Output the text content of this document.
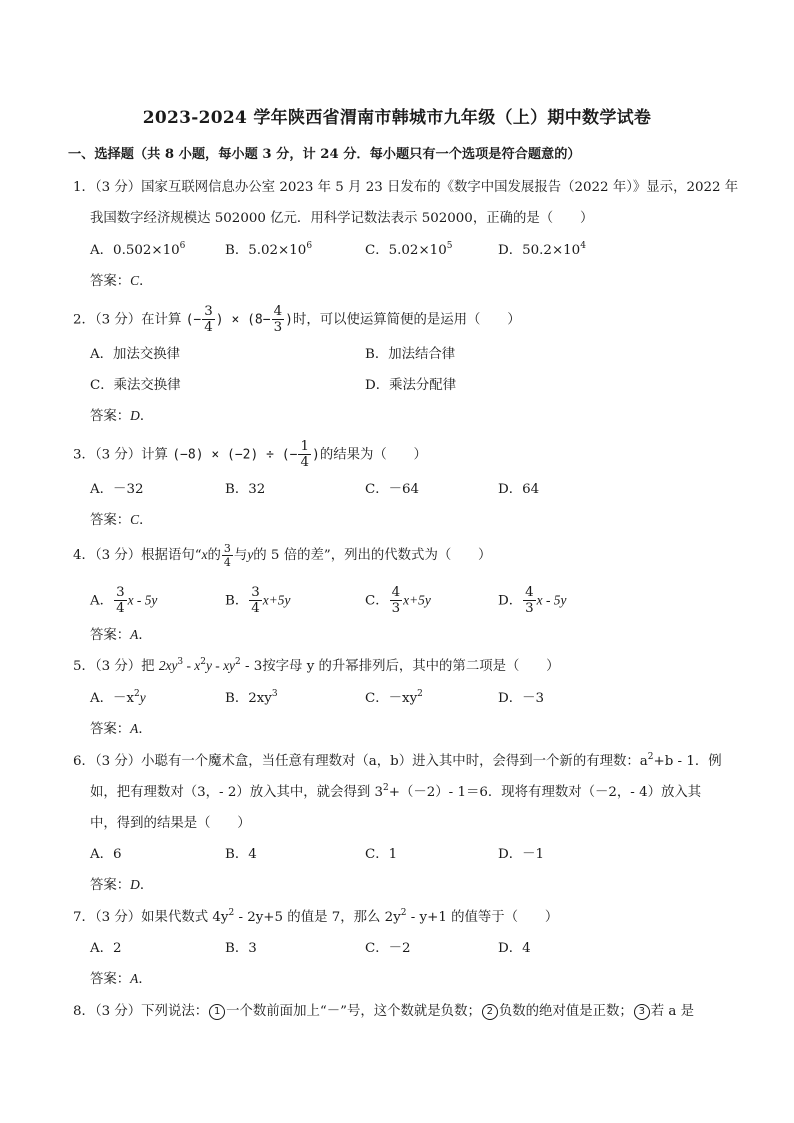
2023-2024 学年陕西省渭南市韩城市九年级（上）期中数学试卷
一、选择题（共 8 小题，每小题 3 分，计 24 分．每小题只有一个选项是符合题意的）
1．（3 分）国家互联网信息办公室 2023 年 5 月 23 日发布的《数字中国发展报告（2022 年）》显示，2022 年
我国数字经济规模达 502000 亿元．用科学记数法表示 502000，正确的是（　　）
A．$0.502\times 10^6$	B．$5.02\times 10^6$	C．$5.02\times 10^5$	D．$50.2\times 10^4$
答案：C．
2．（3 分）在计算 (− $\frac{3}{4}$ ) × ($8- \frac{4}{3}$ )时，可以使运算简便的是运用（　　）
A．加法交换律	B．加法结合律
C．乘法交换律	D．乘法分配律
答案：D．
3．（3 分）计算 (−8) × (−2) ÷ (− $\frac{1}{4}$ )的结果为（　　）
A．－32	B．32	C．－64	D．64
答案：C．
4．（3 分）根据语句“x的 $\frac{3}{4}$ 与y的 5 倍的差”，列出的代数式为（　　）
A． $\frac{3}{4}$ x - 5y	B． $\frac{3}{4} x+5y$	C． $\frac{4}{3} x+5y$	D． $\frac{4}{3}$ x - 5y
答案：A．
5．（3 分）把 $2xy^3 - x^2y - xy^2 - 3$按字母 y 的升幂排列后，其中的第二项是（　　）
A．$-x^2y$	B．$2xy^3$	C．$-xy^2$	D．－3
答案：A．
6．（3 分）小聪有一个魔术盒，当任意有理数对（a，b）进入其中时，会得到一个新的有理数：$a^2+b - 1$．例
如，把有理数对（3，- 2）放入其中，就会得到 $3^2+(-2)-$ 1＝6．现将有理数对（－2，- 4）放入其
中，得到的结果是（　　）
A．6	B．4	C．1	D．－1
答案：D．
7．（3 分）如果代数式 $4y^2 - 2y+5$ 的值是 7，那么 $2y^2 - y+1$ 的值等于（　　）
A．2	B．3	C．－2	D．4
答案：A．
8．（3 分）下列说法： 1 一个数前面加上“－”号，这个数就是负数； 2 负数的绝对值是正数； 3 若 a 是
